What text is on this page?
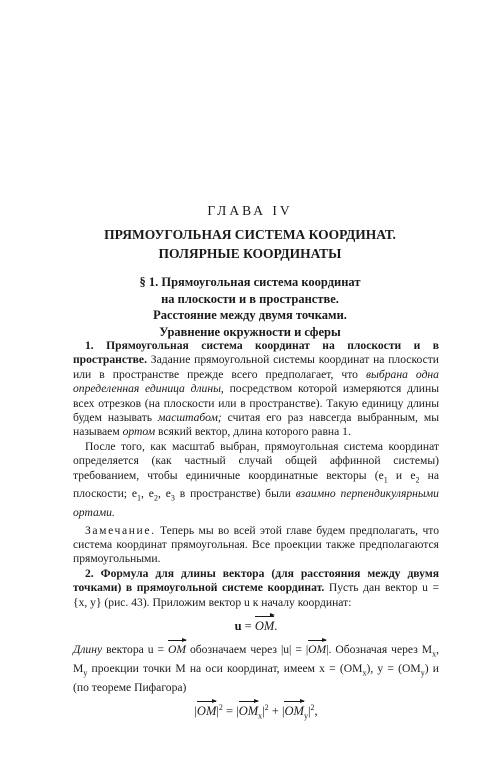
ГЛАВА IV
ПРЯМОУГОЛЬНАЯ СИСТЕМА КООРДИНАТ.
ПОЛЯРНЫЕ КООРДИНАТЫ
§ 1. Прямоугольная система координат
на плоскости и в пространстве.
Расстояние между двумя точками.
Уравнение окружности и сферы

1. Прямоугольная система координат на плоскости и в пространстве. Задание прямоугольной системы координат на плоскости или в пространстве прежде всего предполагает, что выбрана одна определенная единица длины, посредством которой измеряются длины всех отрезков (на плоскости или в пространстве). Такую единицу длины будем называть масштабом; считая его раз навсегда выбранным, мы называем ортом всякий вектор, длина которого равна 1.

После того, как масштаб выбран, прямоугольная система координат определяется (как частный случай общей аффинной системы) требованием, чтобы единичные координатные векторы ($e_1$ и $e_2$ на плоскости; $e_1$, $e_2$, $e_3$ в пространстве) были взаимно перпендикулярными ортами.

Замечание. Теперь мы во всей этой главе будем предполагать, что система координат прямоугольная. Все проекции также предполагаются прямоугольными.

2. Формула для длины вектора (для расстояния между двумя точками) в прямоугольной системе координат. Пусть дан вектор u = {x, y} (рис. 43). Приложим вектор u к началу координат:

u = OM.

Длину вектора u = OM обозначаем через |u| = |OM|. Обозначая через $M_x$, $M_y$ проекции точки M на оси координат, имеем $x = (OM_x)$, $y = (OM_y)$ и (по теореме Пифагора)

$|OM|^2 = |OM_x|^2 + |OM_y|^2$,
